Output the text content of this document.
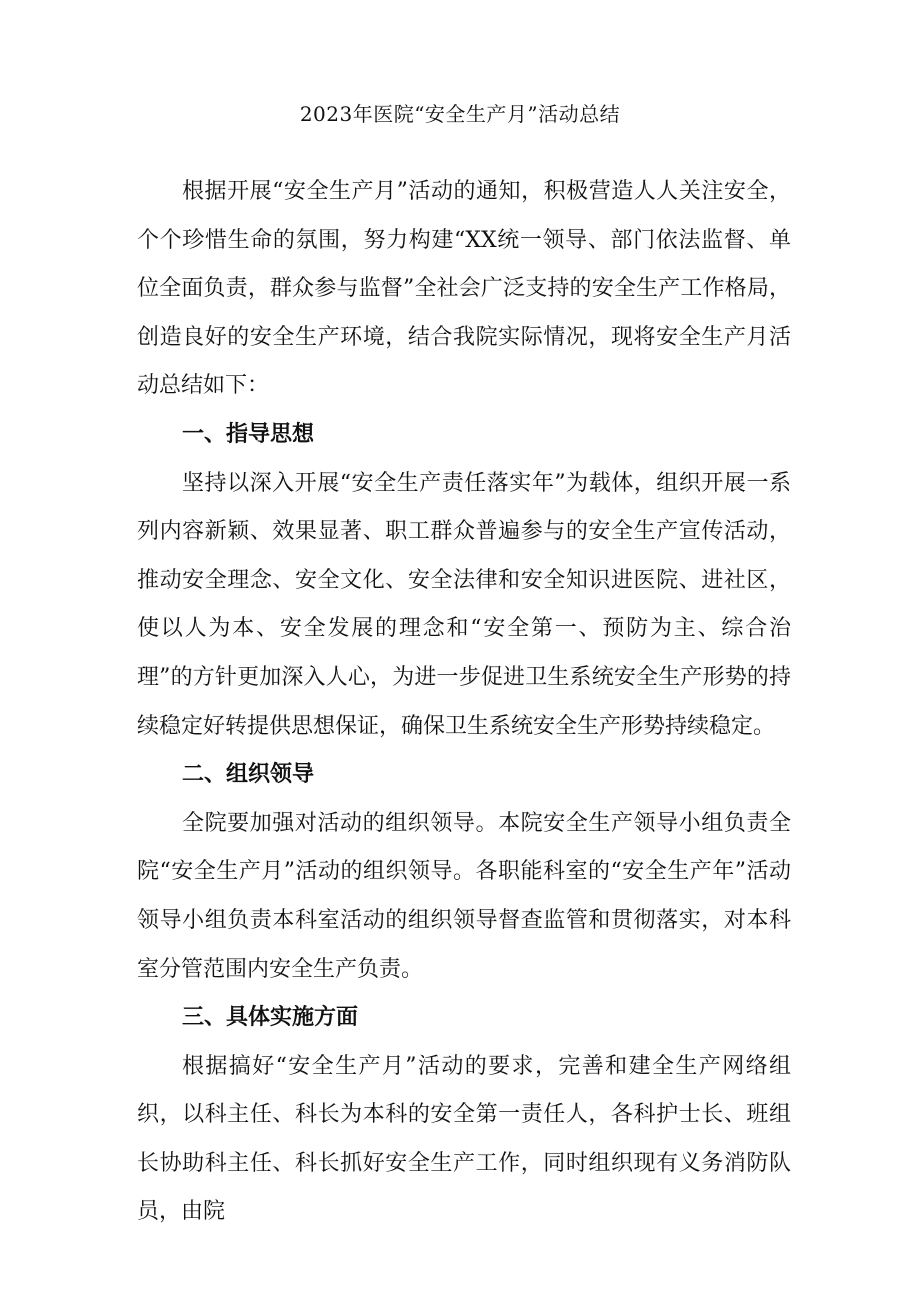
2023年医院“安全生产月”活动总结

根据开展“安全生产月”活动的通知，积极营造人人关注安全，个个珍惜生命的氛围，努力构建“XX统一领导、部门依法监督、单位全面负责，群众参与监督”全社会广泛支持的安全生产工作格局，创造良好的安全生产环境，结合我院实际情况，现将安全生产月活动总结如下：

一、指导思想

坚持以深入开展“安全生产责任落实年”为载体，组织开展一系列内容新颖、效果显著、职工群众普遍参与的安全生产宣传活动，推动安全理念、安全文化、安全法律和安全知识进医院、进社区，使以人为本、安全发展的理念和“安全第一、预防为主、综合治理”的方针更加深入人心，为进一步促进卫生系统安全生产形势的持续稳定好转提供思想保证，确保卫生系统安全生产形势持续稳定。

二、组织领导

全院要加强对活动的组织领导。本院安全生产领导小组负责全院“安全生产月”活动的组织领导。各职能科室的“安全生产年”活动领导小组负责本科室活动的组织领导督查监管和贯彻落实，对本科室分管范围内安全生产负责。

三、具体实施方面

根据搞好“安全生产月”活动的要求，完善和建全生产网络组织，以科主任、科长为本科的安全第一责任人，各科护士长、班组长协助科主任、科长抓好安全生产工作，同时组织现有义务消防队员，由院
